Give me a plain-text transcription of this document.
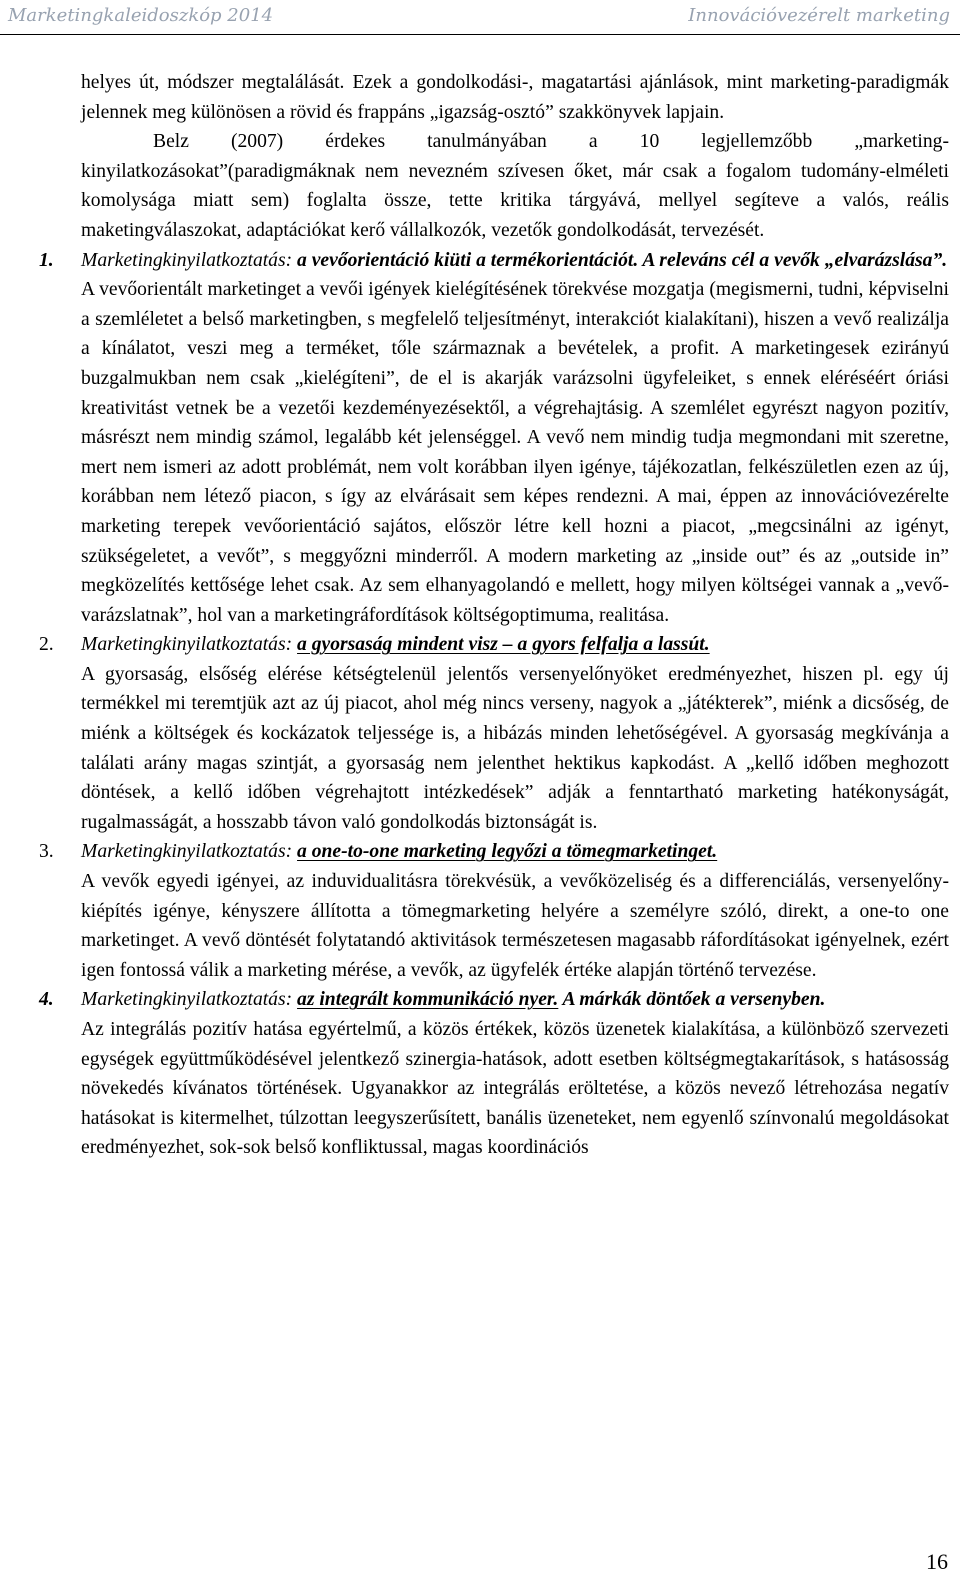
Marketingkaleidoszkóp 2014	Innovációvezérelt marketing

helyes út, módszer megtalálását. Ezek a gondolkodási-, magatartási ajánlások, mint marketing-paradigmák jelennek meg különösen a rövid és frappáns „igazság-osztó” szakkönyvek lapjain.

Belz (2007) érdekes tanulmányában a 10 legjellemzőbb „marketing-kinyilatkozásokat”(paradigmáknak nem nevezném szívesen őket, már csak a fogalom tudomány-elméleti komolysága miatt sem) foglalta össze, tette kritika tárgyává, mellyel segíteve a valós, reális maketingválaszokat, adaptációkat kerő vállalkozók, vezetők gondolkodását, tervezését.

1.	Marketingkinyilatkoztatás: a vevőorientáció kiüti a termékorientációt. A releváns cél a vevők „elvarázslása”.

A vevőorientált marketinget a vevői igények kielégítésének törekvése mozgatja (megismerni, tudni, képviselni a szemléletet a belső marketingben, s megfelelő teljesítményt, interakciót kialakítani), hiszen a vevő realizálja a kínálatot, veszi meg a terméket, tőle származnak a bevételek, a profit. A marketingesek ezirányú buzgalmukban nem csak „kielégíteni”, de el is akarják varázsolni ügyfeleiket, s ennek eléréséért óriási kreativitást vetnek be a vezetői kezdeményezésektől, a végrehajtásig. A szemlélet egyrészt nagyon pozitív, másrészt nem mindig számol, legalább két jelenséggel. A vevő nem mindig tudja megmondani mit szeretne, mert nem ismeri az adott problémát, nem volt korábban ilyen igénye, tájékozatlan, felkészületlen ezen az új, korábban nem létező piacon, s így az elvárásait sem képes rendezni. A mai, éppen az innovációvezérelte marketing terepek vevőorientáció sajátos, először létre kell hozni a piacot, „megcsinálni az igényt, szükségeletet, a vevőt”, s meggyőzni minderről. A modern marketing az „inside out” és az „outside in” megközelítés kettősége lehet csak. Az sem elhanyagolandó e mellett, hogy milyen költségei vannak a „vevő-varázslatnak”, hol van a marketingráfordítások költségoptimuma, realitása.

2.	Marketingkinyilatkoztatás: a gyorsaság mindent visz – a gyors felfalja a lassút.

A gyorsaság, elsőség elérése kétségtelenül jelentős versenyelőnyöket eredményezhet, hiszen pl. egy új termékkel mi teremtjük azt az új piacot, ahol még nincs verseny, nagyok a „játékterek”, miénk a dicsőség, de miénk a költségek és kockázatok teljessége is, a hibázás minden lehetőségével. A gyorsaság megkívánja a találati arány magas szintját, a gyorsaság nem jelenthet hektikus kapkodást. A „kellő időben meghozott döntések, a kellő időben végrehajtott intézkedések” adják a fenntartható marketing hatékonyságát, rugalmasságát, a hosszabb távon való gondolkodás biztonságát is.

3.	Marketingkinyilatkoztatás: a one-to-one marketing legyőzi a tömegmarketinget.

A vevők egyedi igényei, az induvidualitásra törekvésük, a vevőközeliség és a differenciálás, versenyelőny-kiépítés igénye, kényszere állította a tömegmarketing helyére a személyre szóló, direkt, a one-to one marketinget. A vevő döntését folytatandó aktivitások természetesen magasabb ráfordításokat igényelnek, ezért igen fontossá válik a marketing mérése, a vevők, az ügyfelék értéke alapján történő tervezése.

4.	Marketingkinyilatkoztatás: az integrált kommunikáció nyer. A márkák döntőek a versenyben.

Az integrálás pozitív hatása egyértelmű, a közös értékek, közös üzenetek kialakítása, a különböző szervezeti egységek együttműködésével jelentkező szinergia-hatások, adott esetben költségmegtakarítások, s hatásosság növekedés kívánatos történések. Ugyanakkor az integrálás eröltetése, a közös nevező létrehozása negatív hatásokat is kitermelhet, túlzottan leegyszerűsített, banális üzeneteket, nem egyenlő színvonalú megoldásokat eredményezhet, sok-sok belső konfliktussal, magas koordinációs

16
